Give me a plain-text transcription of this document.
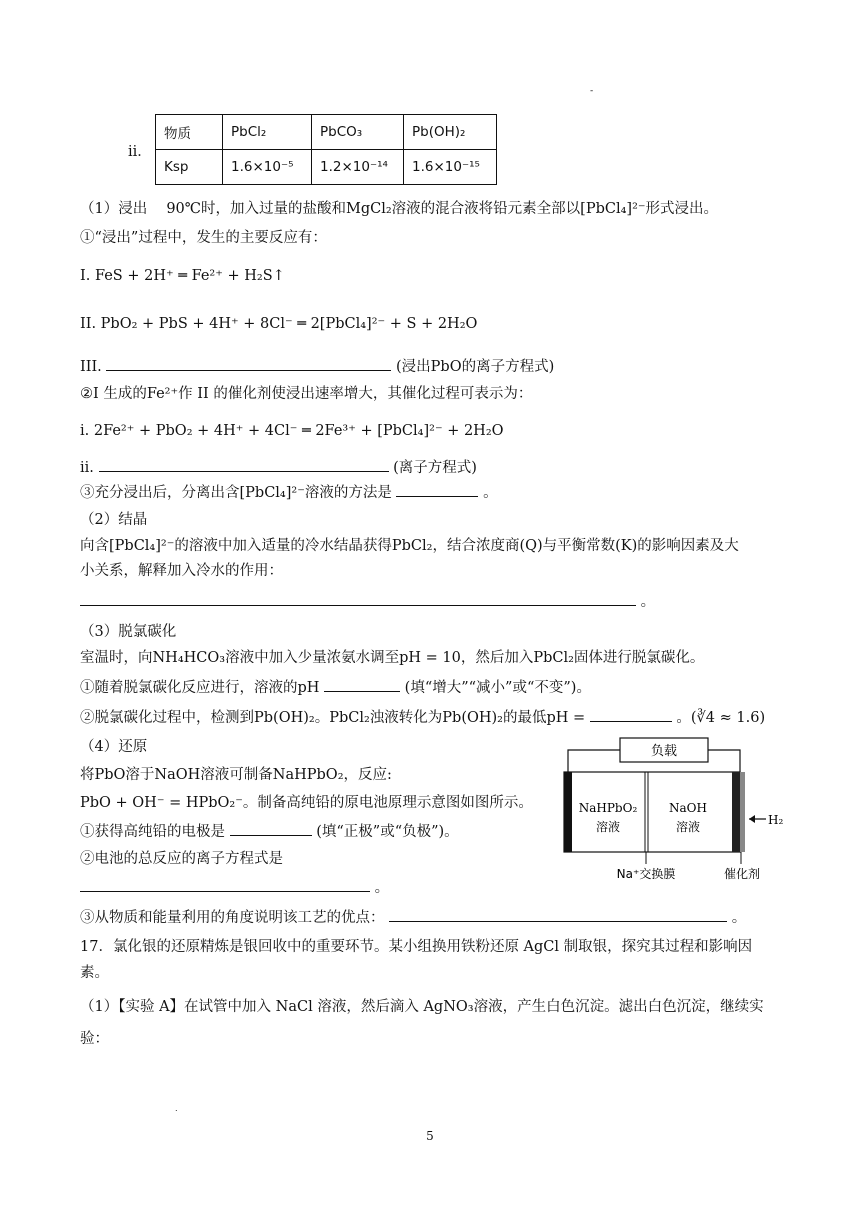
-
.
ii．
物质	PbCl₂	PbCO₃	Pb(OH)₂
Ksp	1.6×10⁻⁵	1.2×10⁻¹⁴	1.6×10⁻¹⁵
（1）浸出 　90℃时，加入过量的盐酸和MgCl₂溶液的混合液将铅元素全部以[PbCl₄]²⁻形式浸出。
①“浸出”过程中，发生的主要反应有：
I. FeS + 2H⁺ ═ Fe²⁺ + H₂S↑
II. PbO₂ + PbS + 4H⁺ + 8Cl⁻ ═ 2[PbCl₄]²⁻ + S + 2H₂O
III.	(浸出PbO的离子方程式)
②I 生成的Fe²⁺作 II 的催化剂使浸出速率增大，其催化过程可表示为：
i. 2Fe²⁺ + PbO₂ + 4H⁺ + 4Cl⁻ ═ 2Fe³⁺ + [PbCl₄]²⁻ + 2H₂O
ii.	(离子方程式)
③充分浸出后，分离出含[PbCl₄]²⁻溶液的方法是	。
（2）结晶
向含[PbCl₄]²⁻的溶液中加入适量的冷水结晶获得PbCl₂，结合浓度商(Q)与平衡常数(K)的影响因素及大
小关系，解释加入冷水的作用：
。
（3）脱氯碳化
室温时，向NH₄HCO₃溶液中加入少量浓氨水调至pH = 10，然后加入PbCl₂固体进行脱氯碳化。
①随着脱氯碳化反应进行，溶液的pH	(填“增大”“减小”或“不变”)。
②脱氯碳化过程中，检测到Pb(OH)₂。PbCl₂浊液转化为Pb(OH)₂的最低pH =	。(∛4 ≈ 1.6)
（4）还原
将PbO溶于NaOH溶液可制备NaHPbO₂，反应:
PbO + OH⁻ = HPbO₂⁻。制备高纯铅的原电池原理示意图如图所示。
①获得高纯铅的电极是	(填“正极”或“负极”)。
②电池的总反应的离子方程式是
。
③从物质和能量利用的角度说明该工艺的优点：	。
负载
NaHPbO₂
溶液
NaOH
溶液	H₂
Na⁺交换膜	催化剂
17．氯化银的还原精炼是银回收中的重要环节。某小组换用铁粉还原 AgCl 制取银，探究其过程和影响因
素。
（1）【实验 A】在试管中加入 NaCl 溶液，然后滴入 AgNO₃溶液，产生白色沉淀。滤出白色沉淀，继续实
验：
5
